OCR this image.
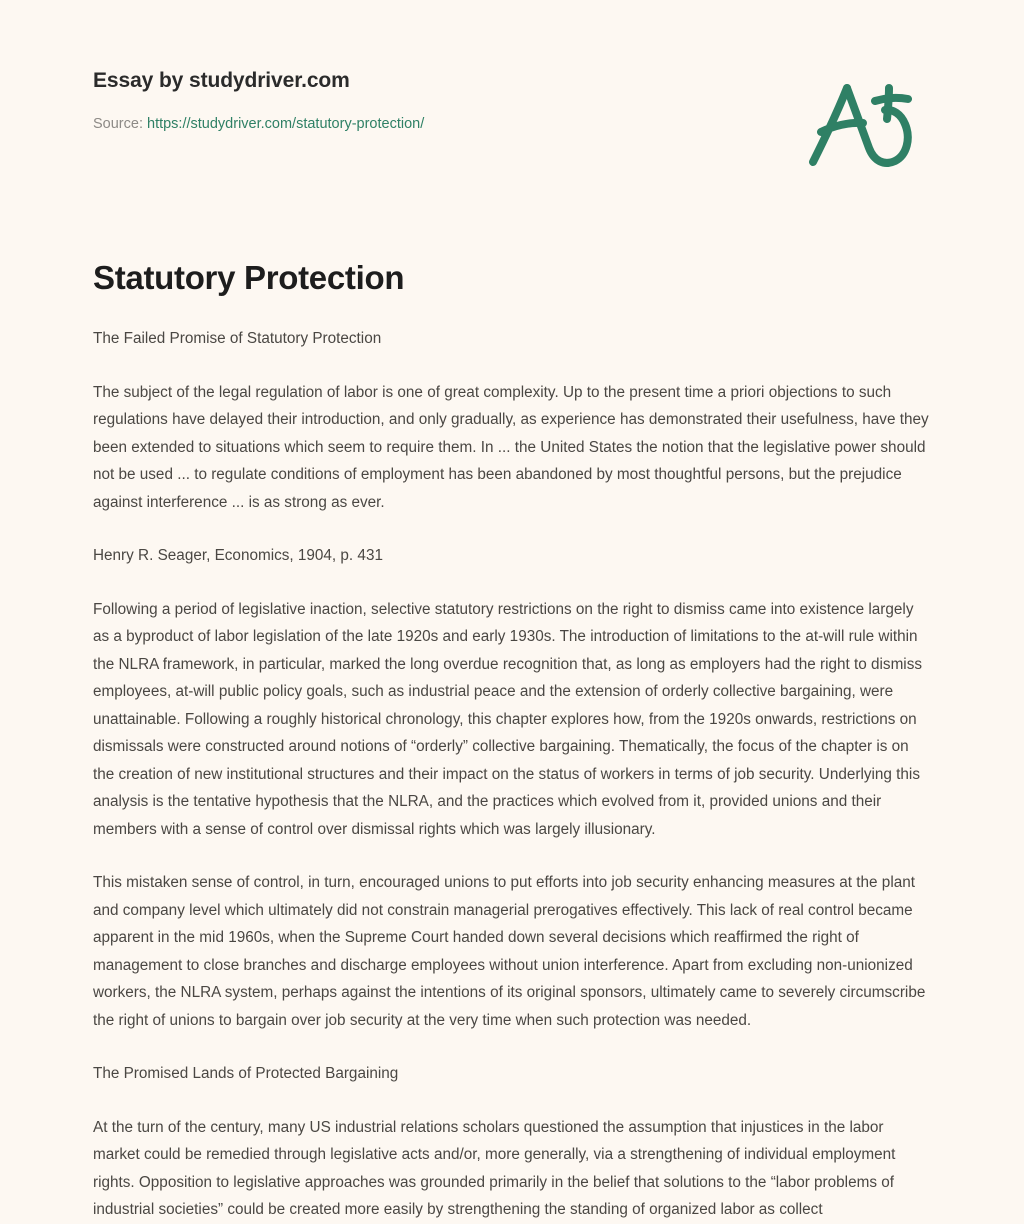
Essay by studydriver.com
Source: https://studydriver.com/statutory-protection/
Statutory Protection

The Failed Promise of Statutory Protection

The subject of the legal regulation of labor is one of great complexity. Up to the present time a priori objections to such regulations have delayed their introduction, and only gradually, as experience has demonstrated their usefulness, have they been extended to situations which seem to require them. In ... the United States the notion that the legislative power should not be used ... to regulate conditions of employment has been abandoned by most thoughtful persons, but the prejudice against interference ... is as strong as ever.

Henry R. Seager, Economics, 1904, p. 431

Following a period of legislative inaction, selective statutory restrictions on the right to dismiss came into existence largely as a byproduct of labor legislation of the late 1920s and early 1930s. The introduction of limitations to the at-will rule within the NLRA framework, in particular, marked the long overdue recognition that, as long as employers had the right to dismiss employees, at-will public policy goals, such as industrial peace and the extension of orderly collective bargaining, were unattainable. Following a roughly historical chronology, this chapter explores how, from the 1920s onwards, restrictions on dismissals were constructed around notions of “orderly” collective bargaining. Thematically, the focus of the chapter is on the creation of new institutional structures and their impact on the status of workers in terms of job security. Underlying this analysis is the tentative hypothesis that the NLRA, and the practices which evolved from it, provided unions and their members with a sense of control over dismissal rights which was largely illusionary.

This mistaken sense of control, in turn, encouraged unions to put efforts into job security enhancing measures at the plant and company level which ultimately did not constrain managerial prerogatives effectively. This lack of real control became apparent in the mid 1960s, when the Supreme Court handed down several decisions which reaffirmed the right of management to close branches and discharge employees without union interference. Apart from excluding non-unionized workers, the NLRA system, perhaps against the intentions of its original sponsors, ultimately came to severely circumscribe the right of unions to bargain over job security at the very time when such protection was needed.

The Promised Lands of Protected Bargaining

At the turn of the century, many US industrial relations scholars questioned the assumption that injustices in the labor market could be remedied through legislative acts and/or, more generally, via a strengthening of individual employment rights. Opposition to legislative approaches was grounded primarily in the belief that solutions to the “labor problems of industrial societies” could be created more easily by strengthening the standing of organized labor as collect
